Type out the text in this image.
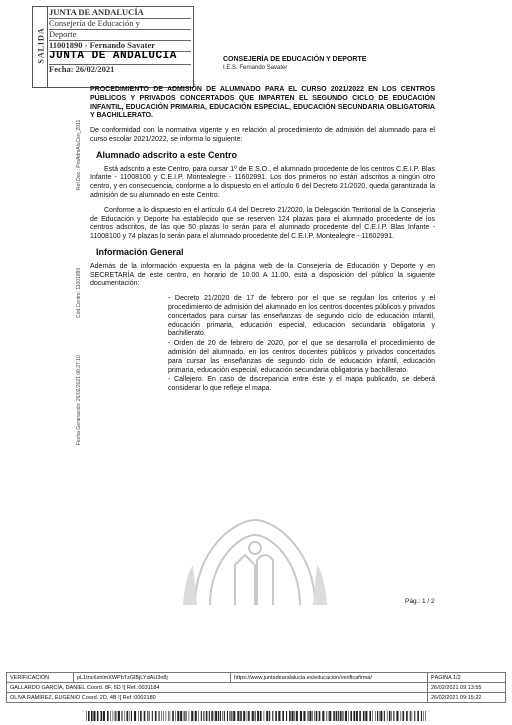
SALIDA
JUNTA DE ANDALUCÍA
Consejería de Educación y
Deporte
11001890 - Fernando Savater
JUNTA DE ANDALUCIA
Fecha: 26/02/2021
Ref.Doc.: ProAdmAluCen_2011
Cód.Centro: 11001890
Fecha Generación: 26/02/2021 08:27:10
CONSEJERÍA DE EDUCACIÓN Y DEPORTE
I.E.S. Fernando Savater

PROCEDIMIENTO DE ADMISIÓN DE ALUMNADO PARA EL CURSO 2021/2022 EN LOS CENTROS PÚBLICOS Y PRIVADOS CONCERTADOS QUE IMPARTEN EL SEGUNDO CICLO DE EDUCACIÓN INFANTIL, EDUCACIÓN PRIMARIA, EDUCACIÓN ESPECIAL, EDUCACIÓN SECUNDARIA OBLIGATORIA Y BACHILLERATO.

De conformidad con la normativa vigente y en relación al procedimiento de admisión del alumnado para el curso escolar 2021/2022, se informa lo siguiente:

Alumnado adscrito a este Centro

Está adscrito a este Centro, para cursar 1º de E.S.O., el alumnado procedente de los centros C.E.I.P. Blas Infante - 11008100 y C.E.I.P. Montealegre - 11602991. Los dos primeros no están adscritos a ningún otro centro, y en consecuencia, conforme a lo dispuesto en el artículo 6 del Decreto 21/2020, queda garantizada la admisión de su alumnado en este Centro.

Conforme a lo dispuesto en el artículo 6.4 del Decreto 21/2020, la Delegación Territorial de la Consejería de Educación y Deporte ha establecido que se reserven 124 plazas para el alumnado procedente de los centros adscritos, de las que 50 plazas lo serán para el alumnado procedente del C.E.I.P. Blas Infante - 11008100 y 74 plazas lo serán para el alumnado procedente del C.E.I.P. Montealegre - 11602991.

Información General

Además de la información expuesta en la página web de la Consejería de Educación y Deporte y en SECRETARÍA de este centro, en horario de 10.00 A 11.00, está a disposición del público la siguiente documentación:

- Decreto 21/2020 de 17 de febrero por el que se regulan los criterios y el procedimiento de admisión del alumnado en los centros docentes públicos y privados concertados para cursar las enseñanzas de segundo ciclo de educación infantil, educación primaria, educación especial, educación secundaria obligatoria y bachillerato.

- Orden de 20 de febrero de 2020, por el que se desarrolla el procedimiento de admisión del alumnado, en los centros docentes públicos y privados concertados para cursar las enseñanzas de segundo ciclo de educación infantil, educación primaria, educación especial, educación secundaria obligatoria y bachillerato.

- Callejero. En caso de discrepancia entre éste y el mapa publicado, se deberá considerar lo que refleje el mapa.

Pág.: 1 / 2
VERIFICACIÓN	pL1tnc6znlmXWPbTzGlBjLYdAU3n8j	https://www.juntadeandalucia.es/educacion/verificafirma/	PÁGINA 1/2
GALLARDO GARCÍA, DANIEL Coord. 8F, 5D ![ Ref.:0031184			26/02/2021 09:13:55
OLIVA RAMÍREZ, EUGENIO Coord. 2D, 4B ![ Ref.:0002180			26/02/2021 09:15:22
